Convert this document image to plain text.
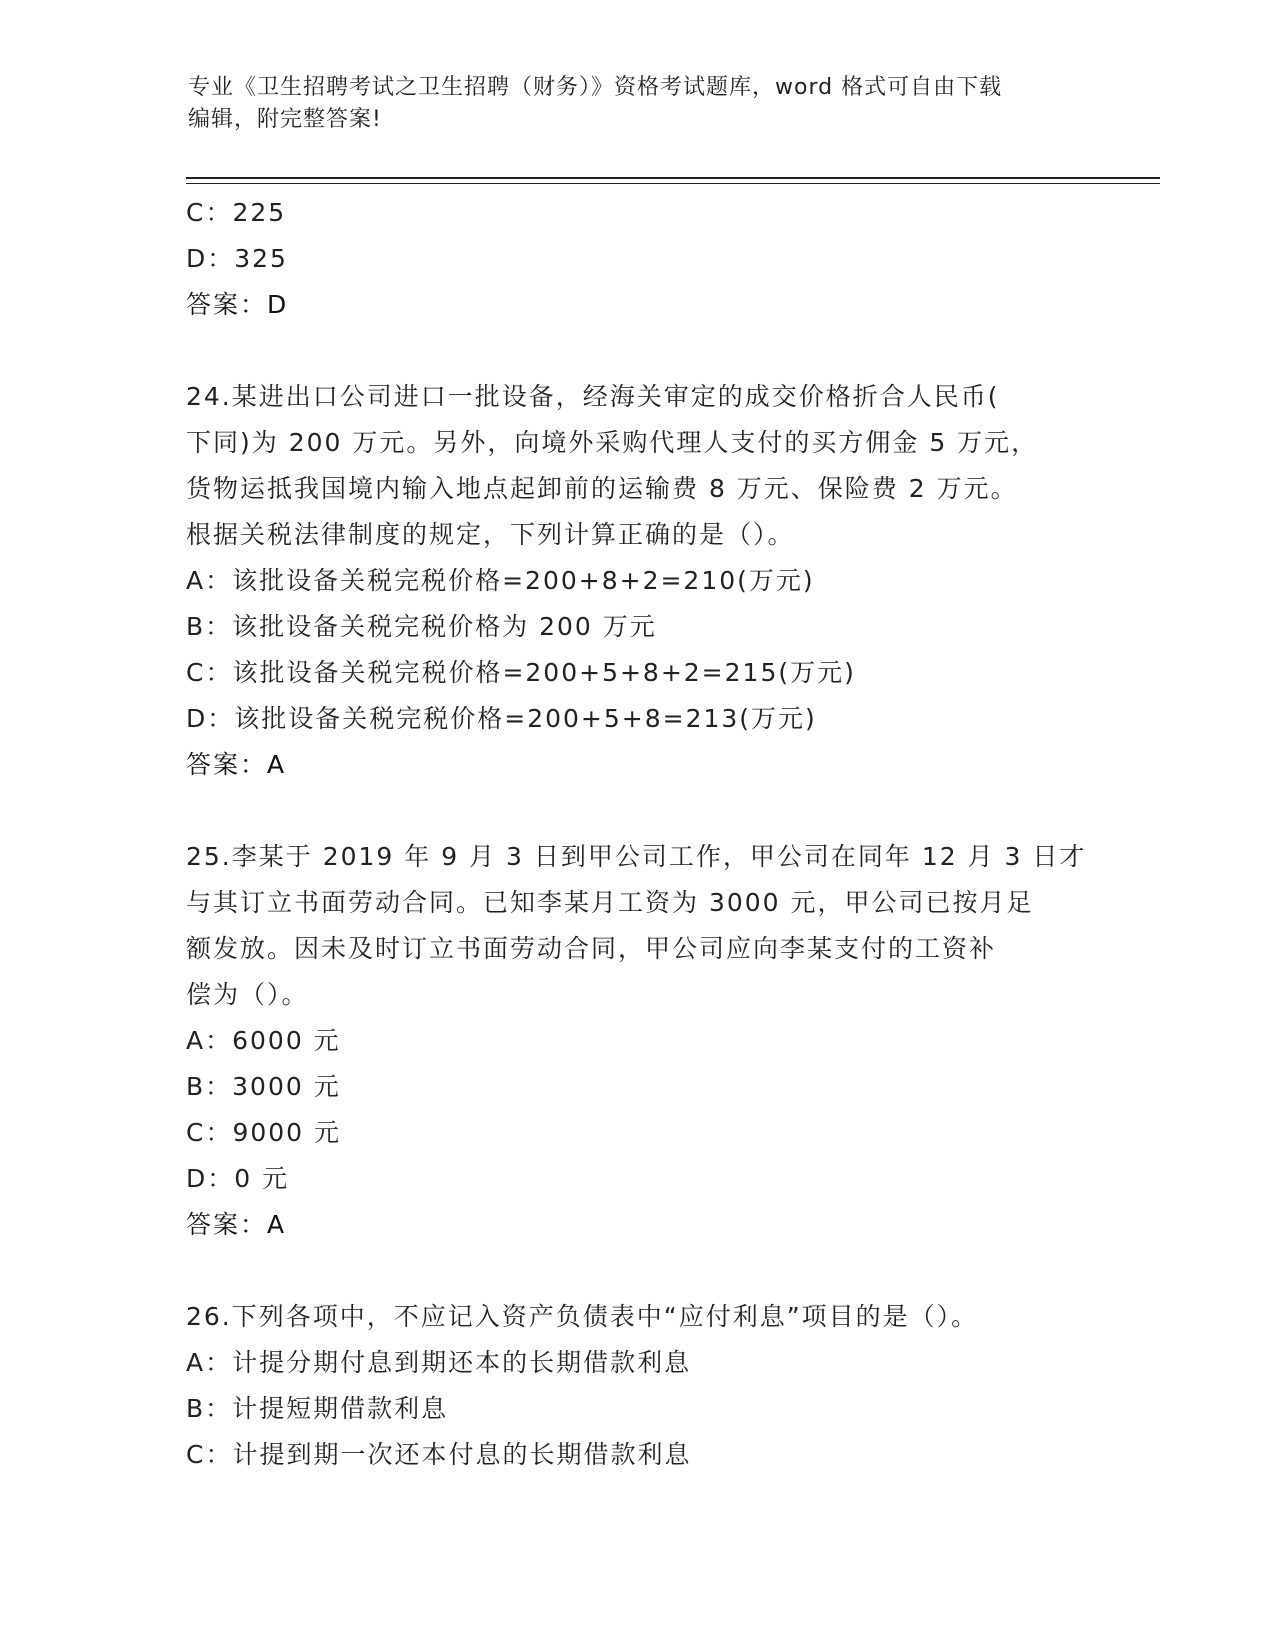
专业《卫生招聘考试之卫生招聘（财务）》资格考试题库，word 格式可自由下载
编辑，附完整答案!
C：225
D：325
答案：D
24.某进出口公司进口一批设备，经海关审定的成交价格折合人民币(
下同)为 200 万元。另外，向境外采购代理人支付的买方佣金 5 万元，
货物运抵我国境内输入地点起卸前的运输费 8 万元、保险费 2 万元。
根据关税法律制度的规定，下列计算正确的是（）。
A：该批设备关税完税价格=200+8+2=210(万元)
B：该批设备关税完税价格为 200 万元
C：该批设备关税完税价格=200+5+8+2=215(万元)
D：该批设备关税完税价格=200+5+8=213(万元)
答案：A
25.李某于 2019 年 9 月 3 日到甲公司工作，甲公司在同年 12 月 3 日才
与其订立书面劳动合同。已知李某月工资为 3000 元，甲公司已按月足
额发放。因未及时订立书面劳动合同，甲公司应向李某支付的工资补
偿为（）。
A：6000 元
B：3000 元
C：9000 元
D：0 元
答案：A
26.下列各项中，不应记入资产负债表中“应付利息”项目的是（）。
A：计提分期付息到期还本的长期借款利息
B：计提短期借款利息
C：计提到期一次还本付息的长期借款利息
